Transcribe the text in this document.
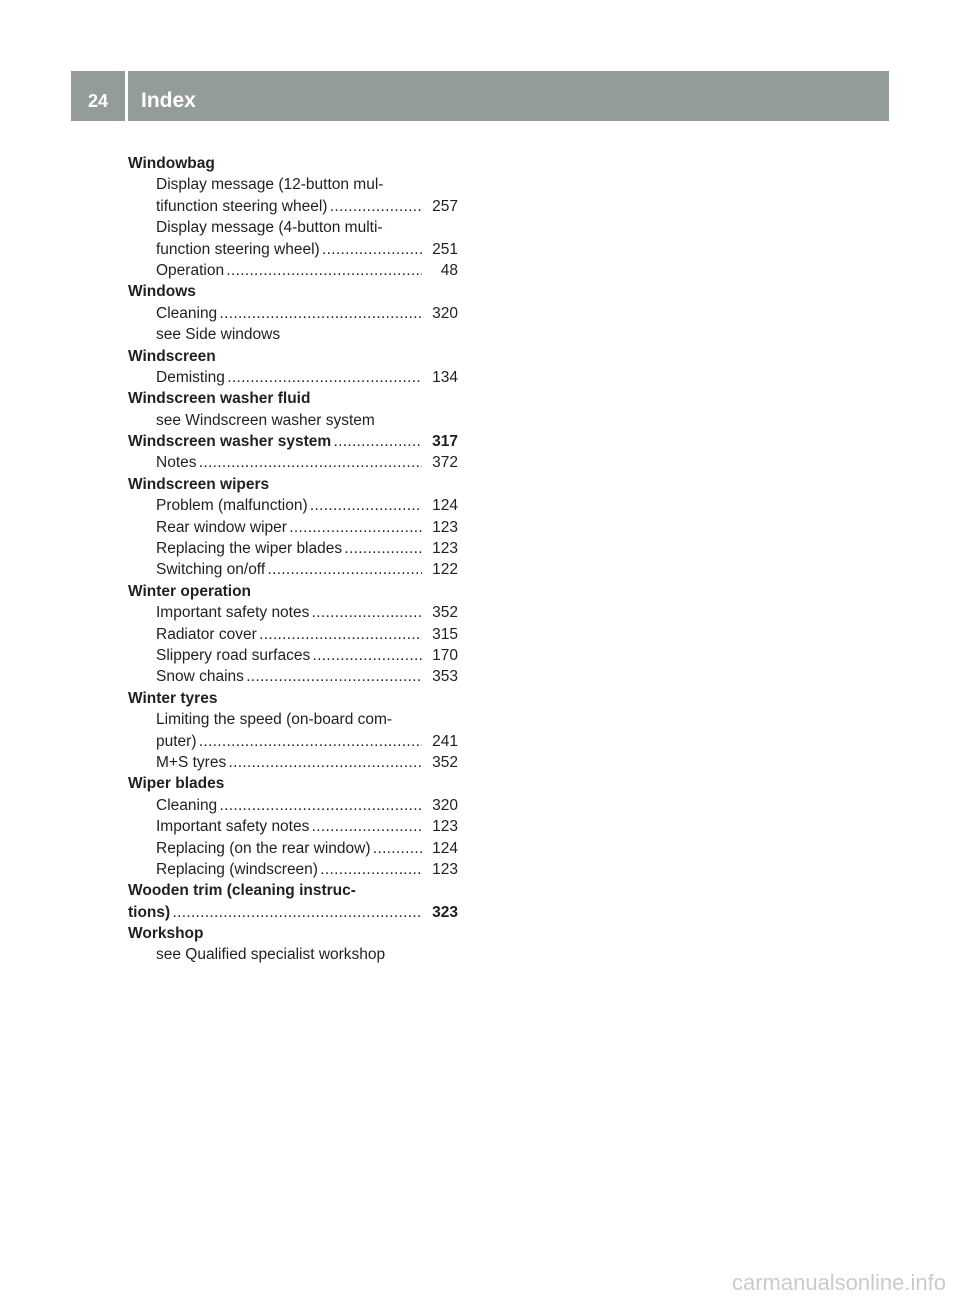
24	Index
Windowbag
Display message (12-button mul-
tifunction steering wheel) . . .	257
Display message (4-button multi-
function steering wheel) . . .	251
Operation . . .	48
Windows
Cleaning . . .	320
see Side windows
Windscreen
Demisting . . .	134
Windscreen washer fluid
see Windscreen washer system
Windscreen washer system . . .	317
Notes . . .	372
Windscreen wipers
Problem (malfunction) . . .	124
Rear window wiper . . .	123
Replacing the wiper blades . . .	123
Switching on/off . . .	122
Winter operation
Important safety notes . . .	352
Radiator cover . . .	315
Slippery road surfaces . . .	170
Snow chains . . .	353
Winter tyres
Limiting the speed (on-board com-
puter) . . .	241
M+S tyres . . .	352
Wiper blades
Cleaning . . .	320
Important safety notes . . .	123
Replacing (on the rear window) . . .	124
Replacing (windscreen) . . .	123
Wooden trim (cleaning instruc-
tions) . . .	323
Workshop
see Qualified specialist workshop
carmanualsonline.info
